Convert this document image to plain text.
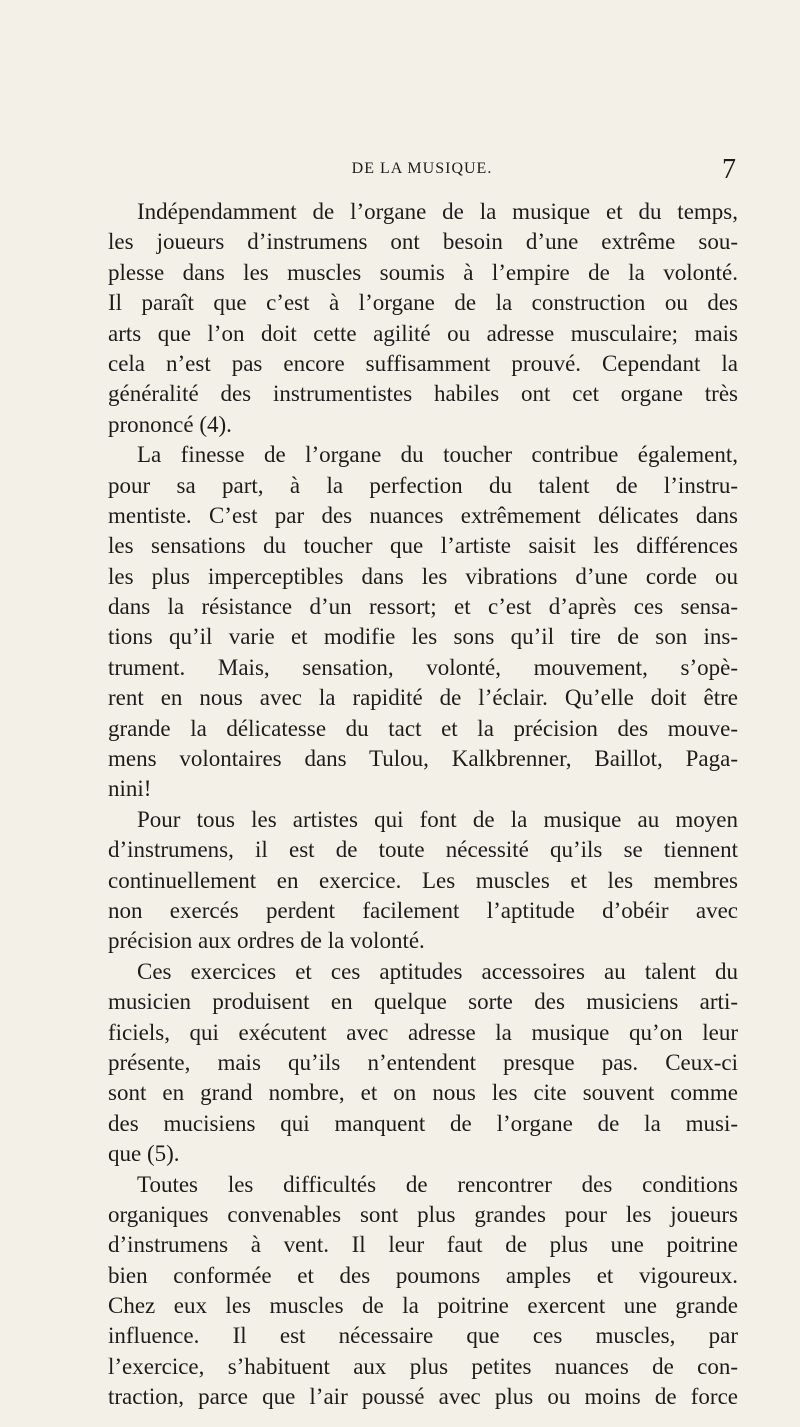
DE LA MUSIQUE.	7
Indépendamment de l’organe de la musique et du temps,
les joueurs d’instrumens ont besoin d’une extrême sou-
plesse dans les muscles soumis à l’empire de la volonté.
Il paraît que c’est à l’organe de la construction ou des
arts que l’on doit cette agilité ou adresse musculaire; mais
cela n’est pas encore suffisamment prouvé. Cependant la
généralité des instrumentistes habiles ont cet organe très
prononcé (4).
La finesse de l’organe du toucher contribue également,
pour sa part, à la perfection du talent de l’instru-
mentiste. C’est par des nuances extrêmement délicates dans
les sensations du toucher que l’artiste saisit les différences
les plus imperceptibles dans les vibrations d’une corde ou
dans la résistance d’un ressort; et c’est d’après ces sensa-
tions qu’il varie et modifie les sons qu’il tire de son ins-
trument. Mais, sensation, volonté, mouvement, s’opè-
rent en nous avec la rapidité de l’éclair. Qu’elle doit être
grande la délicatesse du tact et la précision des mouve-
mens volontaires dans Tulou, Kalkbrenner, Baillot, Paga-
nini!
Pour tous les artistes qui font de la musique au moyen
d’instrumens, il est de toute nécessité qu’ils se tiennent
continuellement en exercice. Les muscles et les membres
non exercés perdent facilement l’aptitude d’obéir avec
précision aux ordres de la volonté.
Ces exercices et ces aptitudes accessoires au talent du
musicien produisent en quelque sorte des musiciens arti-
ficiels, qui exécutent avec adresse la musique qu’on leur
présente, mais qu’ils n’entendent presque pas. Ceux-ci
sont en grand nombre, et on nous les cite souvent comme
des mucisiens qui manquent de l’organe de la musi-
que (5).
Toutes les difficultés de rencontrer des conditions
organiques convenables sont plus grandes pour les joueurs
d’instrumens à vent. Il leur faut de plus une poitrine
bien conformée et des poumons amples et vigoureux.
Chez eux les muscles de la poitrine exercent une grande
influence. Il est nécessaire que ces muscles, par
l’exercice, s’habituent aux plus petites nuances de con-
traction, parce que l’air poussé avec plus ou moins de force
